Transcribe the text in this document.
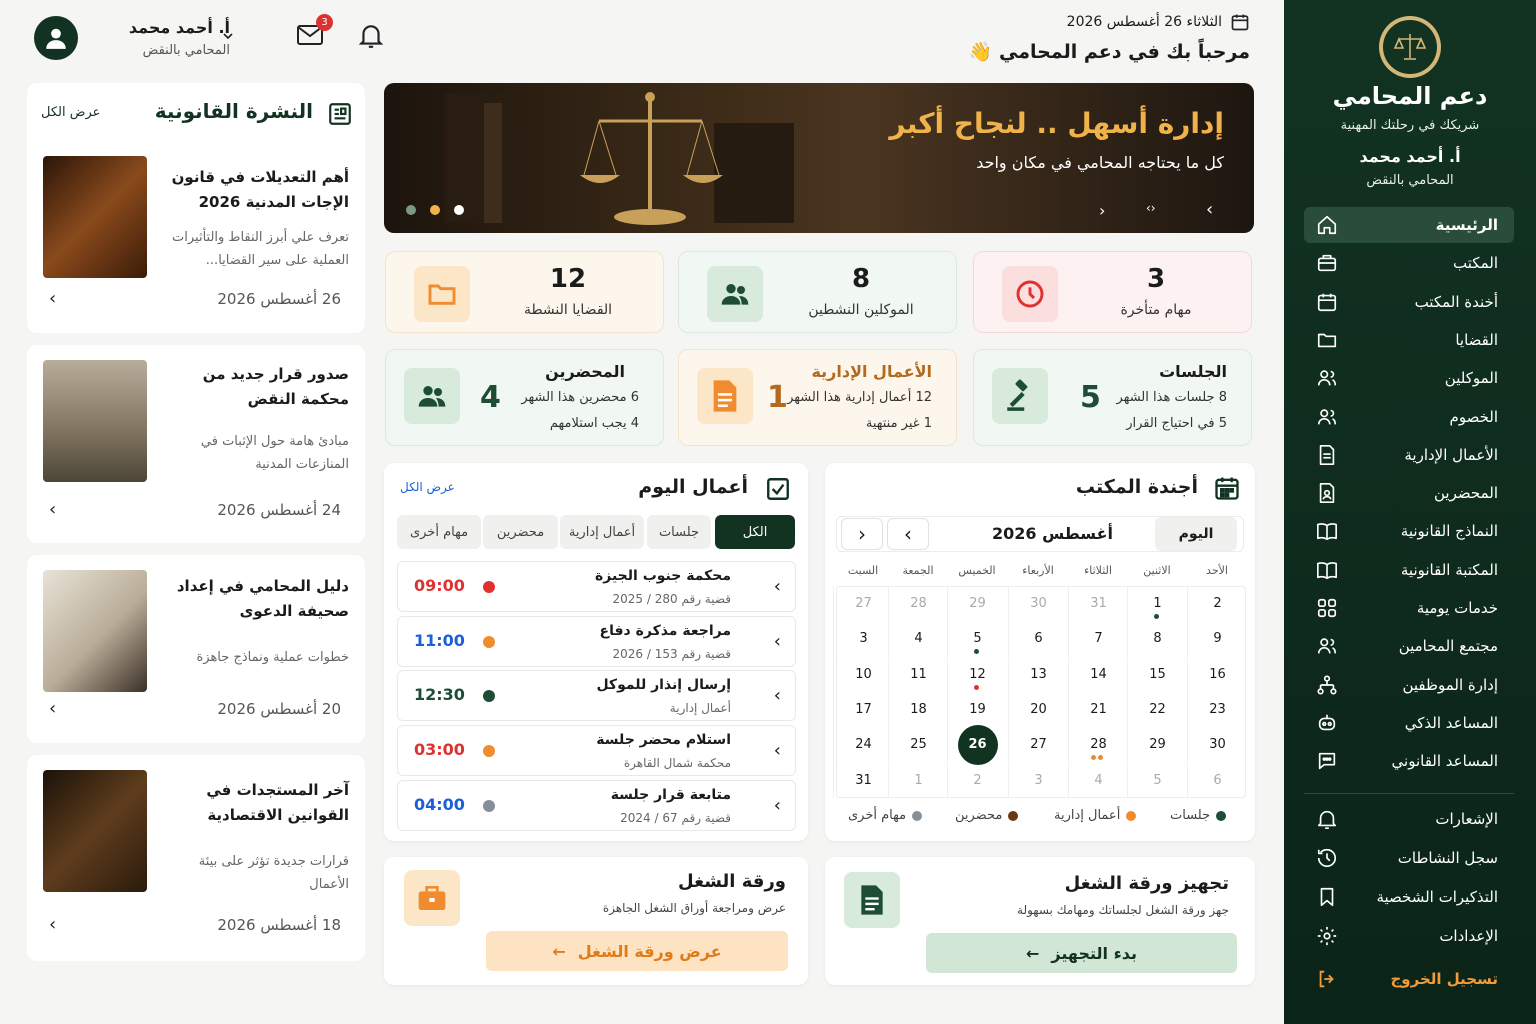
دعم المحامي
شريكك في رحلتك المهنية
أ. أحمد محمد
المحامي بالنقض
الرئيسية
المكتب
أخندة المكتب
القضايا
الموكلين
الخصوم
الأعمال الإدارية
المحضرين
النماذج القانونية
المكتبة القانونية
خدمات يومية
مجتمع المحامين
إدارة الموظفين
المساعد الذكي
المساعد القانوني
الإشعارات
سجل النشاطات
التذكيرات الشخصية
الإعدادات
تسجيل الخروج
الثلاثاء 26 أغسطس 2026
مرحباً بك في دعم المحامي 👋
أ. أحمد محمد
المحامي بالنقض
3
النشرة القانونية
عرض الكل
أهم التعديلات في قانون الإجات المدنية 2026
تعرف علي أبرز النقاط والتأثيرات العملية على سير القضايا...
26 أغسطس 2026
›
صدور قرار جديد من محكمة النقض
مبادئ هامة حول الإثبات في المنازعات المدنية
24 أغسطس 2026
›
دليل المحامي في إعداد صحيفة الدعوى
خطوات عملية ونماذج جاهزة
20 أغسطس 2026
›
آخر المستجدات في القوانين الاقتصادية
قرارات جديدة تؤثر على بيئة الأعمال
18 أغسطس 2026
›
إدارة أسهل .. لنجاح أكبر
كل ما يحتاجه المحامي في مكان واحد
‹	‹›	›
3
مهام متأخرة
8
الموكلين النشطين
12
القضايا النشطة
الجلسات
8 جلسات هذا الشهر
5 في احتياج القرار
5
الأعمال الإدارية
12 أعمال إدارية هذا الشهر
1 غير منتهية
1
المحضرين
6 محضرين هذا الشهر
4 يجب استلامهم
4
أعمال اليوم
عرض الكل
الكل
جلسات
أعمال إدارية
محضرين
مهام أخرى
›
محكمة جنوب الجيزة
قضية رقم 280 / 2025
09:00
›
مراجعة مذكرة دفاع
قضية رقم 153 / 2026
11:00
›
إرسال إنذار للموكل
أعمال إدارية
12:30
›
استلام محضر جلسة
محكمة شمال القاهرة
03:00
›
متابعة قرار جلسة
قضية رقم 67 / 2024
04:00
أجندة المكتب
اليوم
أغسطس 2026
›
‹
الأحد
الاثنين
الثلاثاء
الأربعاء
الخميس
الجمعة
السبت
2
1
31
30
29
28
27
9
8
7
6
5
4
3
16
15
14
13
12
11
10
23
22
21
20
19
18
17
30
29
28
27
26
25
24
6
5
4
3
2
1
31
جلسات
أعمال إدارية
محضرين
مهام أخرى
ورقة الشغل
عرض ومراجعة أوراق الشغل الجاهزة
عرض ورقة الشغل
←
تجهيز ورقة الشغل
جهز ورقة الشغل لجلساتك ومهامك بسهولة
بدء التجهيز
←
